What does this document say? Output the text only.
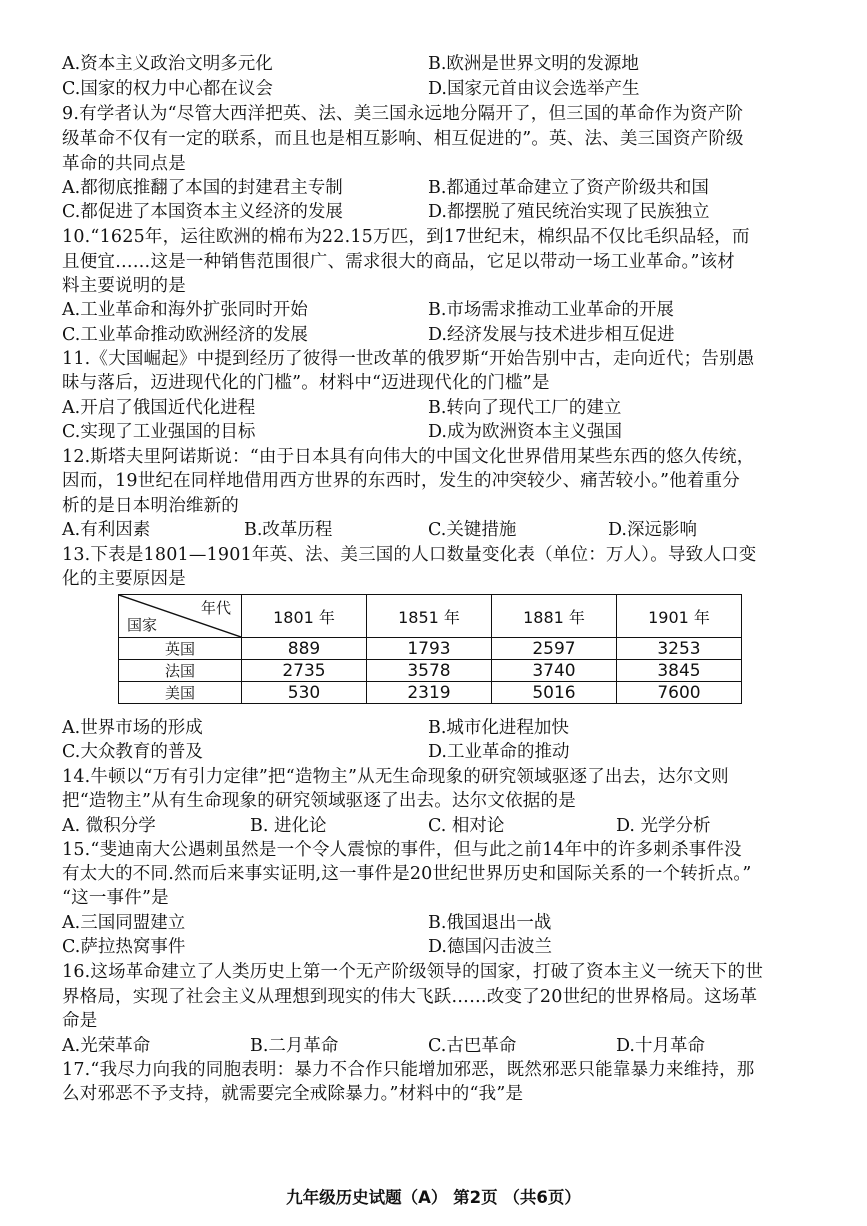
A.资本主义政治文明多元化	B.欧洲是世界文明的发源地
C.国家的权力中心都在议会	D.国家元首由议会选举产生
9.有学者认为“尽管大西洋把英、法、美三国永远地分隔开了，但三国的革命作为资产阶
级革命不仅有一定的联系，而且也是相互影响、相互促进的”。英、法、美三国资产阶级
革命的共同点是
A.都彻底推翻了本国的封建君主专制	B.都通过革命建立了资产阶级共和国
C.都促进了本国资本主义经济的发展	D.都摆脱了殖民统治实现了民族独立
10.“1625年，运往欧洲的棉布为22.15万匹，到17世纪末，棉织品不仅比毛织品轻，而
且便宜……这是一种销售范围很广、需求很大的商品，它足以带动一场工业革命。”该材
料主要说明的是
A.工业革命和海外扩张同时开始	B.市场需求推动工业革命的开展
C.工业革命推动欧洲经济的发展	D.经济发展与技术进步相互促进
11.《大国崛起》中提到经历了彼得一世改革的俄罗斯“开始告别中古，走向近代；告别愚
昧与落后，迈进现代化的门槛”。材料中“迈进现代化的门槛”是
A.开启了俄国近代化进程	B.转向了现代工厂的建立
C.实现了工业强国的目标	D.成为欧洲资本主义强国
12.斯塔夫里阿诺斯说：“由于日本具有向伟大的中国文化世界借用某些东西的悠久传统，
因而，19世纪在同样地借用西方世界的东西时，发生的冲突较少、痛苦较小。”他着重分
析的是日本明治维新的
A.有利因素	B.改革历程	C.关键措施	D.深远影响
13.下表是1801—1901年英、法、美三国的人口数量变化表（单位：万人）。导致人口变
化的主要原因是
年代
国家	1801 年	1851 年	1881 年	1901 年
英国	889	1793	2597	3253
法国	2735	3578	3740	3845
美国	530	2319	5016	7600
A.世界市场的形成	B.城市化进程加快
C.大众教育的普及	D.工业革命的推动
14.牛顿以“万有引力定律”把“造物主”从无生命现象的研究领域驱逐了出去，达尔文则
把“造物主”从有生命现象的研究领域驱逐了出去。达尔文依据的是
A. 微积分学	B. 进化论	C. 相对论	D. 光学分析
15.“斐迪南大公遇刺虽然是一个令人震惊的事件，但与此之前14年中的许多刺杀事件没
有太大的不同.然而后来事实证明,这一事件是20世纪世界历史和国际关系的一个转折点。”
“这一事件”是
A.三国同盟建立	B.俄国退出一战
C.萨拉热窝事件	D.德国闪击波兰
16.这场革命建立了人类历史上第一个无产阶级领导的国家，打破了资本主义一统天下的世
界格局，实现了社会主义从理想到现实的伟大飞跃……改变了20世纪的世界格局。这场革
命是
A.光荣革命	B.二月革命	C.古巴革命	D.十月革命
17.“我尽力向我的同胞表明：暴力不合作只能增加邪恶，既然邪恶只能靠暴力来维持，那
么对邪恶不予支持，就需要完全戒除暴力。”材料中的“我”是
九年级历史试题（A） 第2页 （共6页）
